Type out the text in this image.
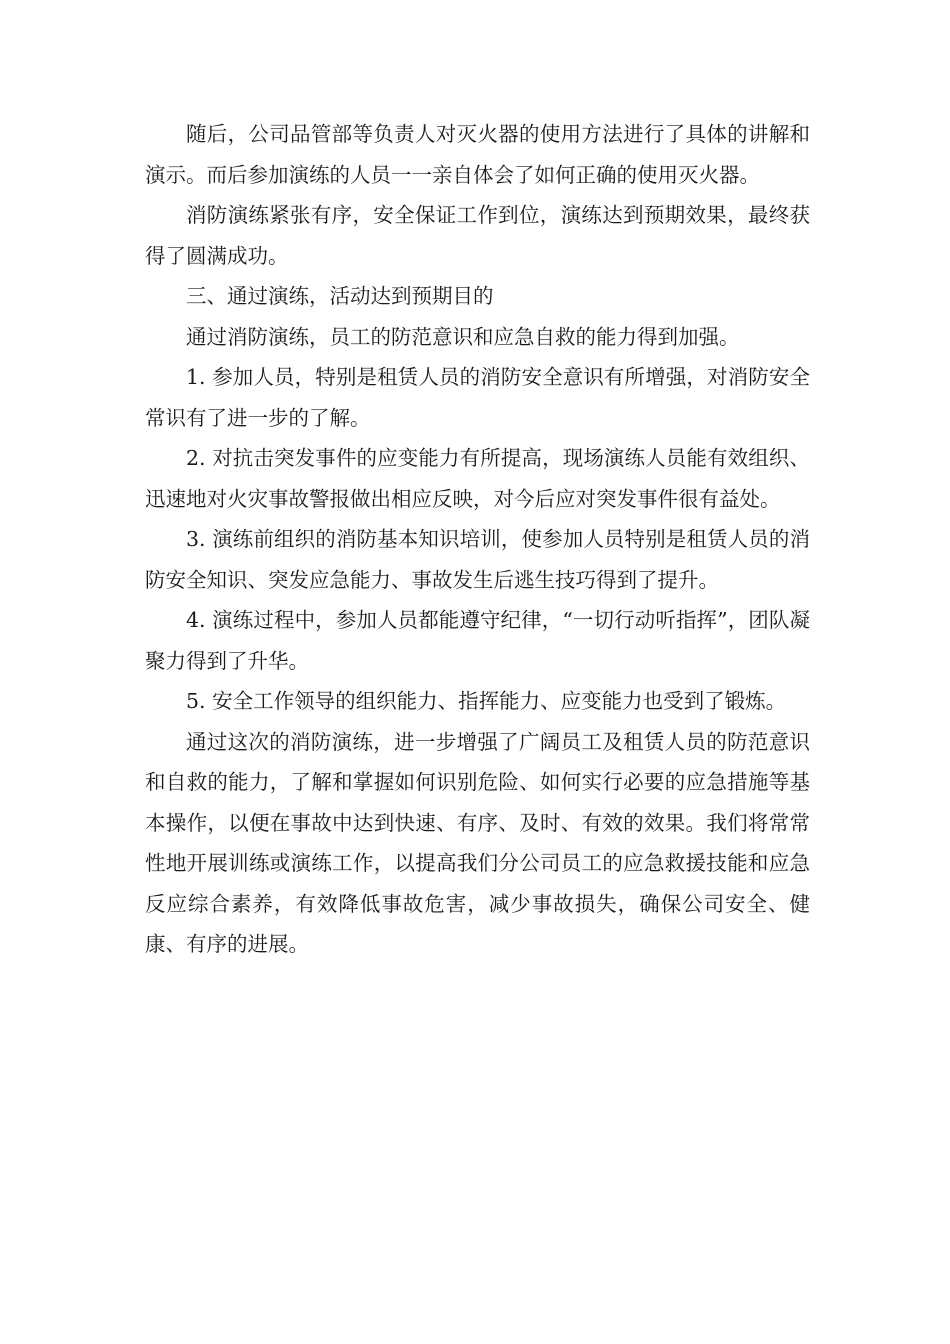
随后，公司品管部等负责人对灭火器的使用方法进行了具体的讲解和演示。而后参加演练的人员一一亲自体会了如何正确的使用灭火器。

消防演练紧张有序，安全保证工作到位，演练达到预期效果，最终获得了圆满成功。

三、通过演练，活动达到预期目的

通过消防演练，员工的防范意识和应急自救的能力得到加强。

1. 参加人员，特别是租赁人员的消防安全意识有所增强，对消防安全常识有了进一步的了解。

2. 对抗击突发事件的应变能力有所提高，现场演练人员能有效组织、迅速地对火灾事故警报做出相应反映，对今后应对突发事件很有益处。

3. 演练前组织的消防基本知识培训，使参加人员特别是租赁人员的消防安全知识、突发应急能力、事故发生后逃生技巧得到了提升。

4. 演练过程中，参加人员都能遵守纪律，“一切行动听指挥”，团队凝聚力得到了升华。

5. 安全工作领导的组织能力、指挥能力、应变能力也受到了锻炼。

通过这次的消防演练，进一步增强了广阔员工及租赁人员的防范意识和自救的能力，了解和掌握如何识别危险、如何实行必要的应急措施等基本操作，以便在事故中达到快速、有序、及时、有效的效果。我们将常常性地开展训练或演练工作，以提高我们分公司员工的应急救援技能和应急反应综合素养，有效降低事故危害，减少事故损失，确保公司安全、健康、有序的进展。
